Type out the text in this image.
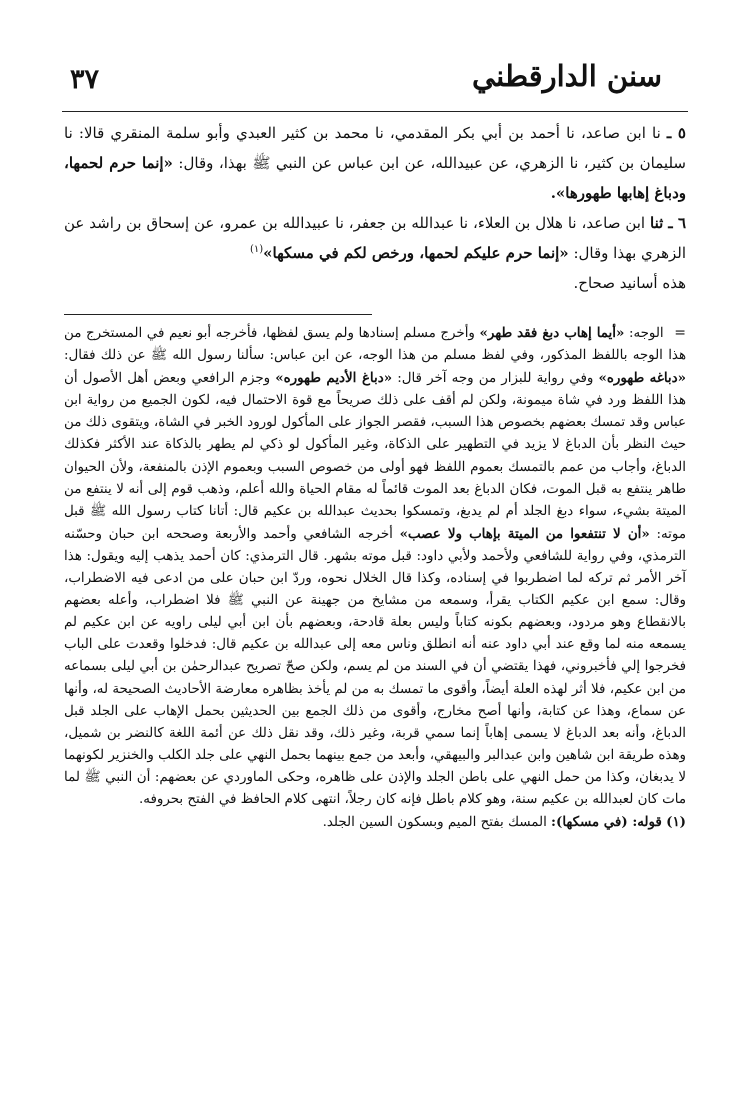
سنن الدارقطني
٣٧

٥ ـ نا ابن صاعد، نا أحمد بن أبي بكر المقدمي، نا محمد بن كثير العبدي وأبو سلمة المنقري قالا: نا سليمان بن كثير، نا الزهري، عن عبيدالله، عن ابن عباس عن النبي ﷺ بهذا، وقال: «إنما حرم لحمها، ودباغ إهابها طهورها».

٦ ـ ثنا ابن صاعد، نا هلال بن العلاء، نا عبدالله بن جعفر، نا عبيدالله بن عمرو، عن إسحاق بن راشد عن الزهري بهذا وقال: «إنما حرم عليكم لحمها، ورخص لكم في مسكها»$^{(١)}$

هذه أسانيد صحاح.

= الوجه: «أيما إهاب دبغ فقد طهر» وأخرج مسلم إسنادها ولم يسق لفظها، فأخرجه أبو نعيم في المستخرج من هذا الوجه باللفظ المذكور، وفي لفظ مسلم من هذا الوجه، عن ابن عباس: سألنا رسول الله ﷺ عن ذلك فقال: «دباغه طهوره» وفي رواية للبزار من وجه آخر قال: «دباغ الأديم طهوره» وجزم الرافعي وبعض أهل الأصول أن هذا اللفظ ورد في شاة ميمونة، ولكن لم أقف على ذلك صريحاً مع قوة الاحتمال فيه، لكون الجميع من رواية ابن عباس وقد تمسك بعضهم بخصوص هذا السبب، فقصر الجواز على المأكول لورود الخبر في الشاة، ويتقوى ذلك من حيث النظر بأن الدباغ لا يزيد في التطهير على الذكاة، وغير المأكول لو ذكي لم يطهر بالذكاة عند الأكثر فكذلك الدباغ، وأجاب من عمم بالتمسك بعموم اللفظ فهو أولى من خصوص السبب وبعموم الإذن بالمنفعة، ولأن الحيوان طاهر ينتفع به قبل الموت، فكان الدباغ بعد الموت قائماً له مقام الحياة والله أعلم، وذهب قوم إلى أنه لا ينتفع من الميتة بشيء، سواء دبغ الجلد أم لم يدبغ، وتمسكوا بحديث عبدالله بن عكيم قال: أتانا كتاب رسول الله ﷺ قبل موته: «أن لا تنتفعوا من الميتة بإهاب ولا عصب» أخرجه الشافعي وأحمد والأربعة وصححه ابن حبان وحسّنه الترمذي، وفي رواية للشافعي ولأحمد ولأبي داود: قبل موته بشهر. قال الترمذي: كان أحمد يذهب إليه ويقول: هذا آخر الأمر ثم تركه لما اضطربوا في إسناده، وكذا قال الخلال نحوه، وردّ ابن حبان على من ادعى فيه الاضطراب، وقال: سمع ابن عكيم الكتاب يقرأ، وسمعه من مشايخ من جهينة عن النبي ﷺ فلا اضطراب، وأعله بعضهم بالانقطاع وهو مردود، وبعضهم بكونه كتاباً وليس بعلة قادحة، وبعضهم بأن ابن أبي ليلى راويه عن ابن عكيم لم يسمعه منه لما وقع عند أبي داود عنه أنه انطلق وناس معه إلى عبدالله بن عكيم قال: فدخلوا وقعدت على الباب فخرجوا إلي فأخبروني، فهذا يقتضي أن في السند من لم يسم، ولكن صحّ تصريح عبدالرحمٰن بن أبي ليلى بسماعه من ابن عكيم، فلا أثر لهذه العلة أيضاً، وأقوى ما تمسك به من لم يأخذ بظاهره معارضة الأحاديث الصحيحة له، وأنها عن سماع، وهذا عن كتابة، وأنها أصح مخارج، وأقوى من ذلك الجمع بين الحديثين بحمل الإهاب على الجلد قبل الدباغ، وأنه بعد الدباغ لا يسمى إهاباً إنما سمي قربة، وغير ذلك، وقد نقل ذلك عن أئمة اللغة كالنضر بن شميل، وهذه طريقة ابن شاهين وابن عبدالبر والبيهقي، وأبعد من جمع بينهما بحمل النهي على جلد الكلب والخنزير لكونهما لا يدبغان، وكذا من حمل النهي على باطن الجلد والإذن على ظاهره، وحكى الماوردي عن بعضهم: أن النبي ﷺ لما مات كان لعبدالله بن عكيم سنة، وهو كلام باطل فإنه كان رجلاً، انتهى كلام الحافظ في الفتح بحروفه.

(١) قوله: (في مسكها): المسك بفتح الميم وبسكون السين الجلد.
